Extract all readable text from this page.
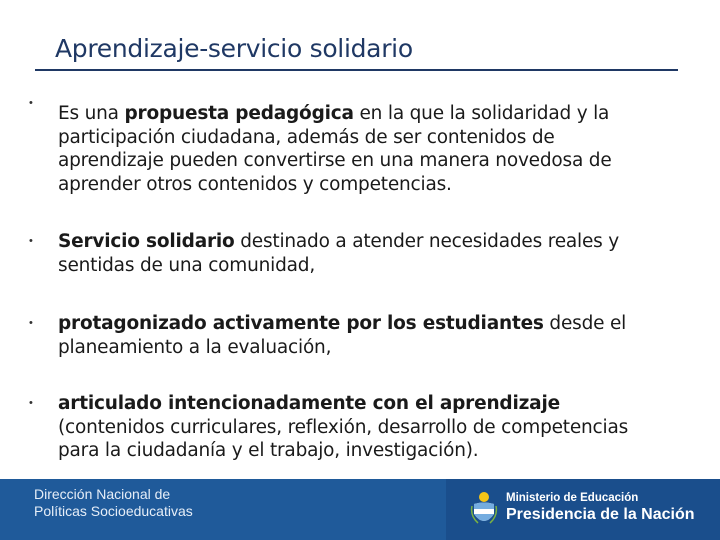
Aprendizaje-servicio solidario
• Es una propuesta pedagógica en la que la solidaridad y la participación ciudadana, además de ser contenidos de aprendizaje pueden convertirse en una manera novedosa de aprender otros contenidos y competencias.
• Servicio solidario destinado a atender necesidades reales y sentidas de una comunidad,
• protagonizado activamente por los estudiantes desde el planeamiento a la evaluación,
• articulado intencionadamente con el aprendizaje (contenidos curriculares, reflexión, desarrollo de competencias para la ciudadanía y el trabajo, investigación).
Dirección Nacional de
Políticas Socioeducativas
Ministerio de Educación
Presidencia de la Nación
